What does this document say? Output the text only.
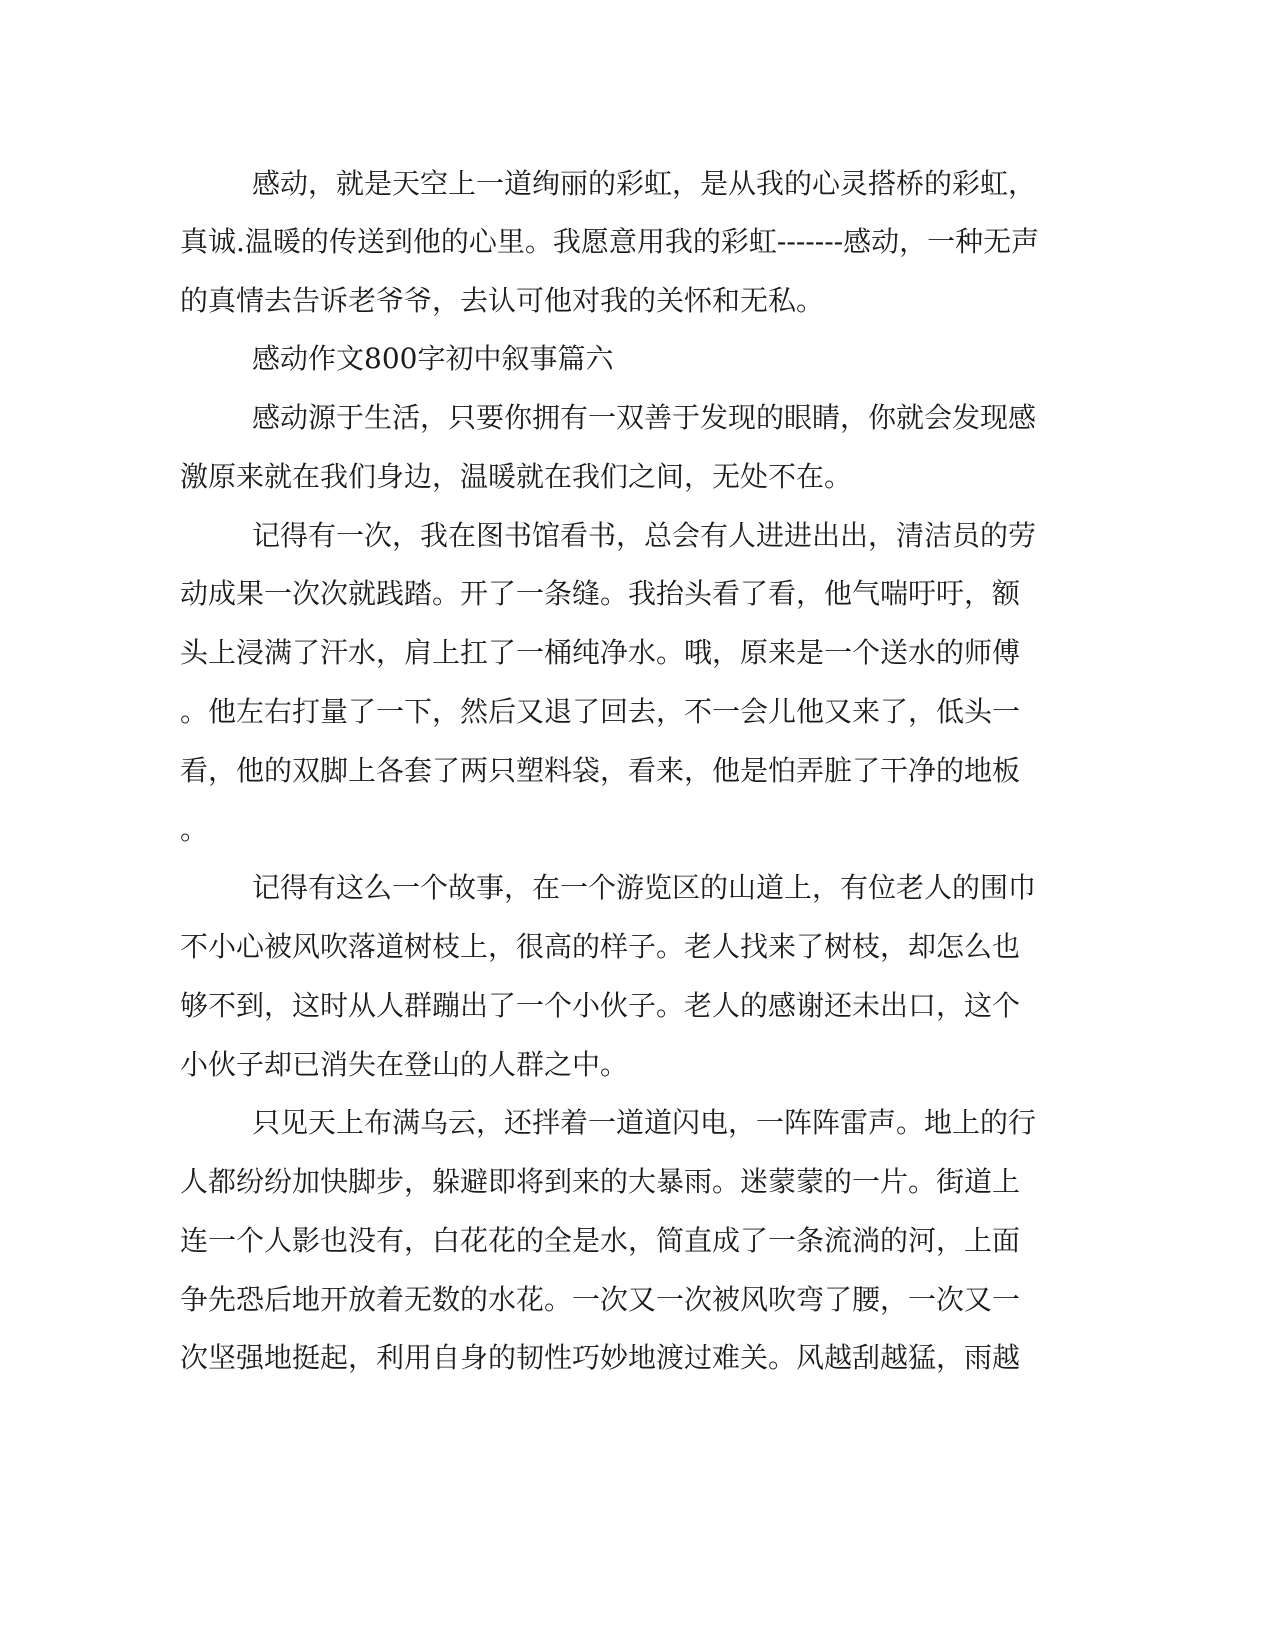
感动，就是天空上一道绚丽的彩虹，是从我的心灵搭桥的彩虹，

真诚.温暖的传送到他的心里。我愿意用我的彩虹-------感动，一种无声

的真情去告诉老爷爷，去认可他对我的关怀和无私。

感动作文800字初中叙事篇六

感动源于生活，只要你拥有一双善于发现的眼睛，你就会发现感

激原来就在我们身边，温暖就在我们之间，无处不在。

记得有一次，我在图书馆看书，总会有人进进出出，清洁员的劳

动成果一次次就践踏。开了一条缝。我抬头看了看，他气喘吁吁，额

头上浸满了汗水，肩上扛了一桶纯净水。哦，原来是一个送水的师傅

。他左右打量了一下，然后又退了回去，不一会儿他又来了，低头一

看，他的双脚上各套了两只塑料袋，看来，他是怕弄脏了干净的地板

。

记得有这么一个故事，在一个游览区的山道上，有位老人的围巾

不小心被风吹落道树枝上，很高的样子。老人找来了树枝，却怎么也

够不到，这时从人群蹦出了一个小伙子。老人的感谢还未出口，这个

小伙子却已消失在登山的人群之中。

只见天上布满乌云，还拌着一道道闪电，一阵阵雷声。地上的行

人都纷纷加快脚步，躲避即将到来的大暴雨。迷蒙蒙的一片。街道上

连一个人影也没有，白花花的全是水，简直成了一条流淌的河，上面

争先恐后地开放着无数的水花。一次又一次被风吹弯了腰，一次又一

次坚强地挺起，利用自身的韧性巧妙地渡过难关。风越刮越猛，雨越
